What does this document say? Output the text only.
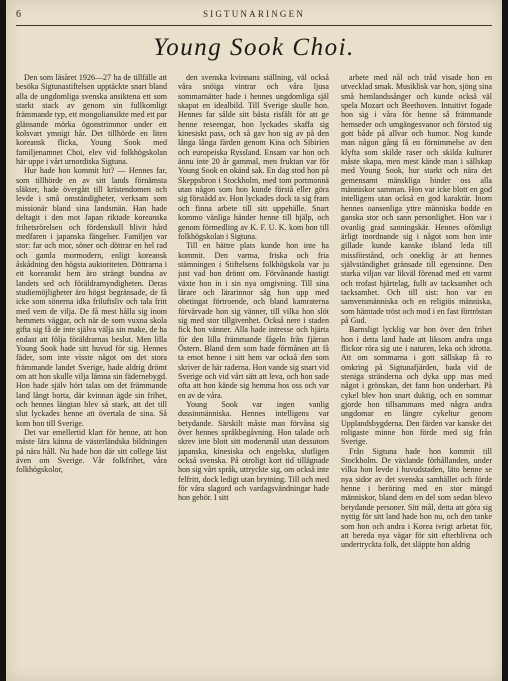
6	SIGTUNARINGEN
Young Sook Choi.

Den som läsåret 1926—27 ha de tillfälle att besöka Sigtunastiftelsen upptäckte snart bland alla de ungdomliga svenska ansiktena ett som starkt stack av genom sin fullkomligt främmande typ, ett mongoliansikte med ett par glänsande mörka ögonstrimmor under ett kolsvart ymnigt hår. Det tillhörde en liten koreansk flicka, Young Sook med familjenamnet Choi, elev vid folkhögskolan här uppe i vårt urnordiska Sigtuna.

Hur hade hon kommit hit? — Hennes far, som tillhörde en av sitt lands förnämsta släkter, hade övergått till kristendomen och levde i små omständigheter, verksam som missionär bland sina landsmän. Han hade deltagit i den mot Japan riktade koreanska frihetsrörelsen och fördenskull blivit hård medfaren i japanska fängelser. Familjen var stor: far och mor, söner och döttrar en hel rad och gamla mormodern, enligt koreansk åskådning den högsta auktoriteten. Döttrarna i ett koreanskt hem äro strängt bundna av landets sed och föräldramyndigheten. Deras studiemöjligheter äro högst begränsade, de få icke som sönerna idka friluftsliv och tala fritt med vem de vilja. De få mest hålla sig inom hemmets väggar, och när de som vuxna skola gifta sig få de inte själva välja sin make, de ha endast att följa föräldrarnas beslut. Men lilla Young Sook hade sitt huvud för sig. Hennes fäder, som inte visste något om det stora främmande landet Sverige, hade aldrig drömt om att hon skulle vilja lämna sin fädernebygd. Hon hade själv hört talas om det främmande land långt borta, där kvinnan ägde sin frihet, och hennes längtan blev så stark, att det till slut lyckades henne att övertala de sina. Så kom hon till Sverige.

Det var emellertid klart för henne, att hon måste lära känna de västerländska bildningen på nära håll. Nu hade hon där sitt college läst även om Sverige. Vår folkfrihet, våra folkhögskolor,

den svenska kvinnans ställning, väl också våra snöiga vintrar och våra ljusa sommarnätter hade i hennes ungdomliga själ skapat en idealbild. Till Sverige skulle hon. Hennes far sålde sitt bästa risfält för att ge henne reseengar, hon lyckades skaffa sig kinesiskt pass, och så gav hon sig av på den långa långa färden genom Kina och Sibirien och europeiska Ryssland. Ensam var hon och ännu inte 20 år gammal, men fruktan var för Young Sook en okänd sak. En dag stod hon på Skeppsbron i Stockholm, med tom portmonnä utan någon som hon kunde förstå eller göra sig förstådd av. Hon lyckades dock ta sig fram och finna arbete till sitt uppehälle. Snart kommo vänliga händer henne till hjälp, och genom förmedling av K. F. U. K. kom hon till folkhögskolan i Sigtuna.

Till en bättre plats kunde hon inte ha kommit. Den varma, friska och fria stämningen i Stiftelsens folkhögskola var ju just vad hon drömt om. Förvånande hastigt växte hon in i sin nya omgivning. Till sina lärare och lärarinnor såg hon upp med obetingat förtroende, och bland kamraterna förvärvade hon sig vänner, till vilka hon slöt sig med stor tillgivenhet. Också nere i staden fick hon vänner. Alla hade intresse och hjärta för den lilla främmande fågeln från fjärran Östern. Bland dem som hade förmånen att få ta emot henne i sitt hem var också den som skriver de här raderna. Hon vande sig snart vid Sverige och vid vårt sätt att leva, och hon sade ofta att hon kände sig hemma hos oss och var en av de våra.

Young Sook var ingen vanlig dussinmänniska. Hennes intelligens var betydande. Särskilt måste man förvåna sig över hennes språkbegåvning. Hon talade och skrev inte blott sitt modersmål utan dessutom japanska, kinesiska och engelska, slutligen också svenska. På otroligt kort tid tillägnade hon sig vårt språk, uttryckte sig, om också inte felfritt, dock ledigt utan brytning. Till och med för våra slagord och vardagsvändningar hade hon gehör. I sitt

arbete med nål och tråd visade hon en utvecklad smak. Musiklisk var hon, sjöng sina små hemlandssånger och kunde också väl spela Mozart och Beethoven. Intuitivt fogade hon sig i våra för henne så främmande hemseder och umgängesvanor och förstod sig gott både på allvar och humor. Nog kunde man någon gång få en förnimmelse av den klyfta som skilde raser och skilda kulturer måste skapa, men mest kände man i sällskap med Young Sook, hur starkt och nära det gemensamt mänskliga binder oss alla människor samman. Hon var icke blott en god intelligens utan också en god karaktär. Inom hennes oansenliga yttre människa bodde en ganska stor och sann personlighet. Hon var i ovanlig grad sanningskär. Hennes ofömligt ärligt inordnande sig i något som hon inte gillade kunde kanske ibland leda till missförstånd, och oneklig är att hennes självständighet gränsade till egensinne. Den starka viljan var likväl förenad med ett varmt och trofast hjärtelag, fullt av tacksamhet och tacksamhet. Och till sist: hon var en samvetsmänniska och en religiös människa, som hämtade tröst och mod i en fast förtröstan på Gud.

Barnsligt lycklig var hon över den frihet hon i detta land hade att liksom andra unga flickor röra sig ute i naturen, leka och idrotta. Att om sommarna i gott sällskap få ro omkring på Sigtunafjärden, bada vid de steniga stränderna och dyka upp mas med något i grönskan, det fann hon underbart. På cykel blev hon snart duktig, och en sommar gjorde hon tillsammans med några andra ungdomar en längre cykeltur genom Upplandsbygderna. Den färden var kanske det roligaste minne hon förde med sig från Sverige.

Från Sigtuna hade hon kommit till Stockholm. De växlande förhållanden, under vilka hon levde i huvudstaden, läto henne se nya sidor av det svenska samhället och förde henne i beröring med en stor mängd människor, bland dem en del som sedan blevo betydande personer. Sitt mål, detta att göra sig nyttig för sitt land hade hon nu, och den tanke som hon och andra i Korea ivrigt arbetat för, att bereda nya vägar för sitt efterblivna och undertryckta folk, det släppte hon aldrig
